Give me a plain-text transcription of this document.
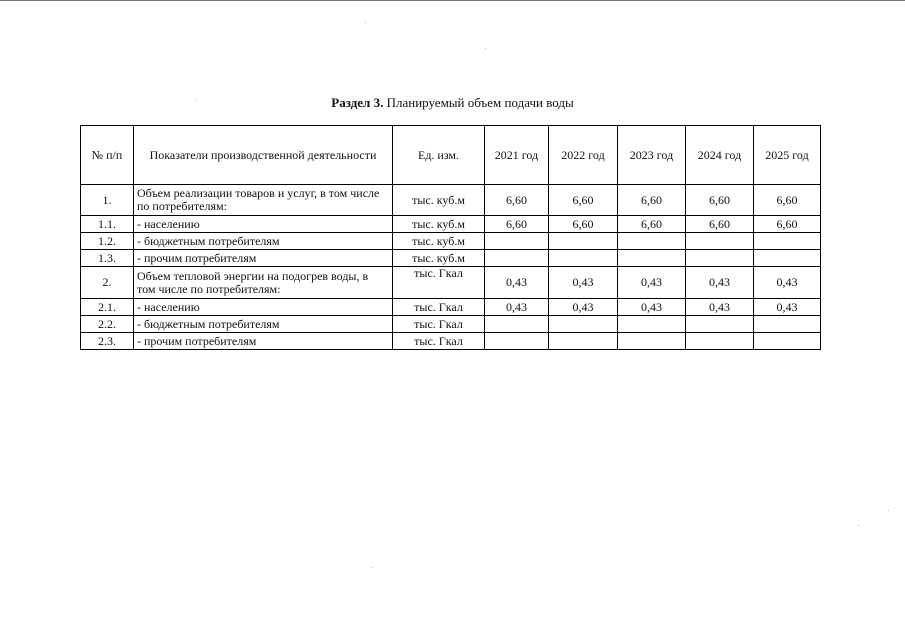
Раздел 3. Планируемый объем подачи воды
№ п/п	Показатели производственной деятельности	Ед. изм.	2021 год	2022 год	2023 год	2024 год	2025 год
1.	Объем реализации товаров и услуг, в том числе по потребителям:	тыс. куб.м	6,60	6,60	6,60	6,60	6,60
1.1.	- населению	тыс. куб.м	6,60	6,60	6,60	6,60	6,60
1.2.	- бюджетным потребителям	тыс. куб.м					
1.3.	- прочим потребителям	тыс. куб.м					
2.	Объем тепловой энергии на подогрев воды, в том числе по потребителям:	тыс. Гкал	0,43	0,43	0,43	0,43	0,43
2.1.	- населению	тыс. Гкал	0,43	0,43	0,43	0,43	0,43
2.2.	- бюджетным потребителям	тыс. Гкал					
2.3.	- прочим потребителям	тыс. Гкал					
